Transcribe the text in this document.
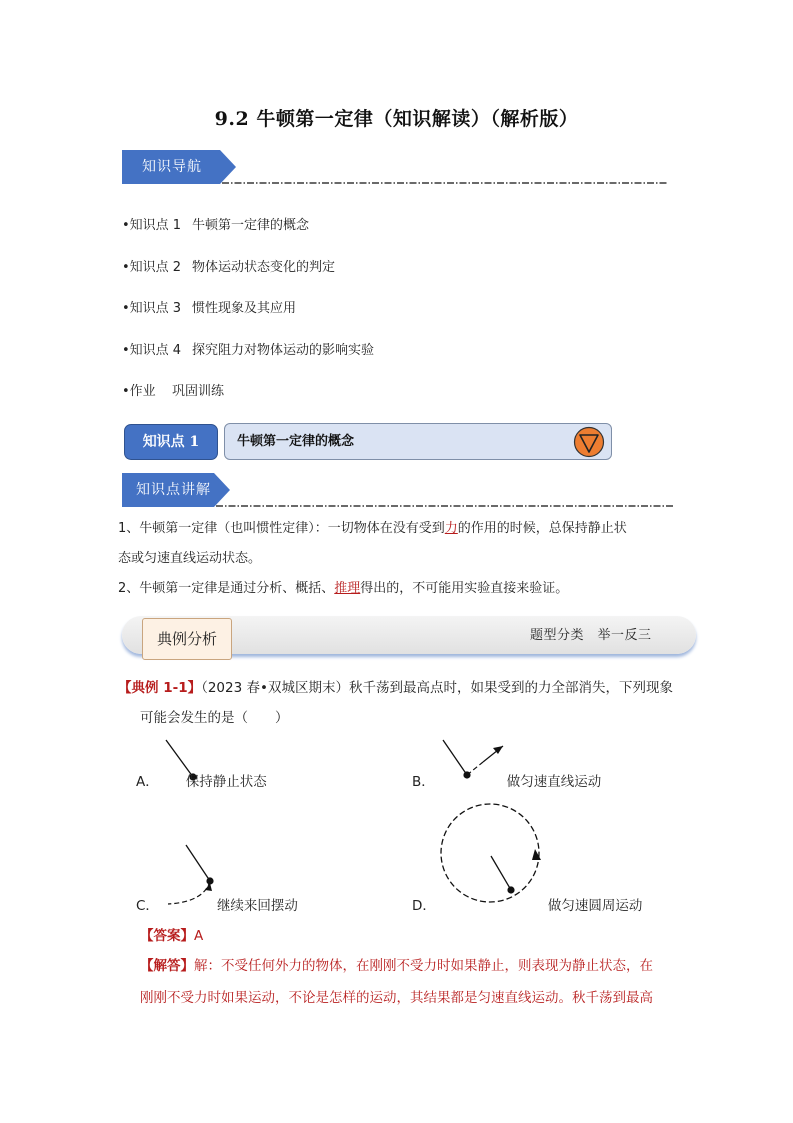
9.2 牛顿第一定律（知识解读）（解析版）
知识导航
•知识点 1 牛顿第一定律的概念
•知识点 2 物体运动状态变化的判定
•知识点 3 惯性现象及其应用
•知识点 4 探究阻力对物体运动的影响实验
•作业 巩固训练
知识点 1	牛顿第一定律的概念
知识点讲解
1、牛顿第一定律（也叫惯性定律）：一切物体在没有受到力的作用的时候，总保持静止状
态或匀速直线运动状态。
2、牛顿第一定律是通过分析、概括、推理得出的，不可能用实验直接来验证。
典例分析	题型分类　举一反三
【典例 1-1】（2023 春•双城区期末）秋千荡到最高点时，如果受到的力全部消失，下列现象
可能会发生的是（　　）
A． 保持静止状态	B．	做匀速直线运动
C．	继续来回摆动	D．	做匀速圆周运动
【答案】A
【解答】解：不受任何外力的物体，在刚刚不受力时如果静止，则表现为静止状态，在
刚刚不受力时如果运动，不论是怎样的运动，其结果都是匀速直线运动。秋千荡到最高
